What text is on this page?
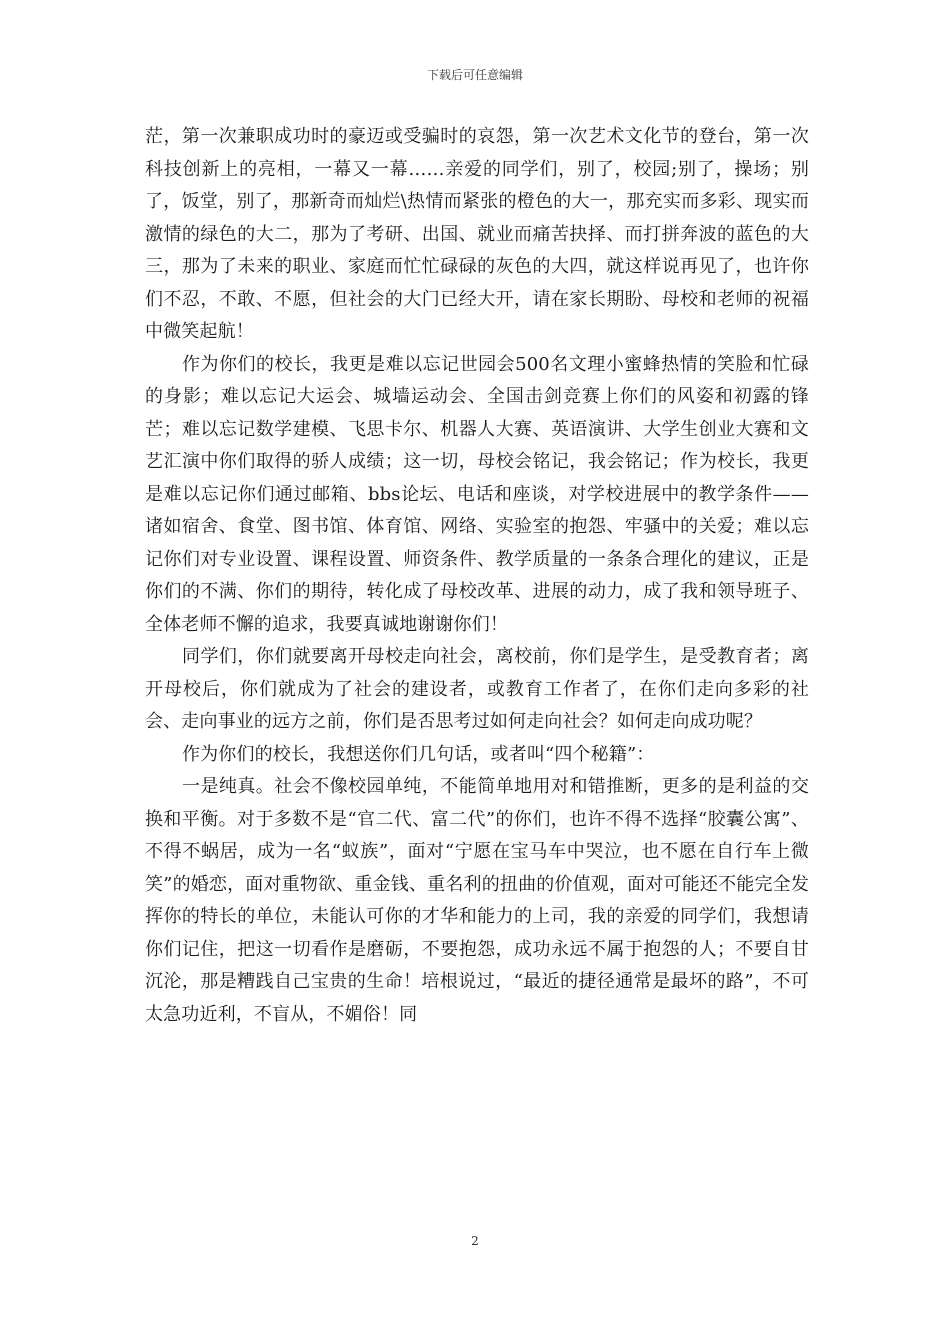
下载后可任意编辑

茫，第一次兼职成功时的豪迈或受骗时的哀怨，第一次艺术文化节的登台，第一次科技创新上的亮相，一幕又一幕……亲爱的同学们，别了，校园;别了，操场；别了，饭堂，别了，那新奇而灿烂\热情而紧张的橙色的大一，那充实而多彩、现实而激情的绿色的大二，那为了考研、出国、就业而痛苦抉择、而打拼奔波的蓝色的大三，那为了未来的职业、家庭而忙忙碌碌的灰色的大四，就这样说再见了，也许你们不忍，不敢、不愿，但社会的大门已经大开，请在家长期盼、母校和老师的祝福中微笑起航！

作为你们的校长，我更是难以忘记世园会500名文理小蜜蜂热情的笑脸和忙碌的身影；难以忘记大运会、城墙运动会、全国击剑竞赛上你们的风姿和初露的锋芒；难以忘记数学建模、飞思卡尔、机器人大赛、英语演讲、大学生创业大赛和文艺汇演中你们取得的骄人成绩；这一切，母校会铭记，我会铭记；作为校长，我更是难以忘记你们通过邮箱、bbs论坛、电话和座谈，对学校进展中的教学条件——诸如宿舍、食堂、图书馆、体育馆、网络、实验室的抱怨、牢骚中的关爱；难以忘记你们对专业设置、课程设置、师资条件、教学质量的一条条合理化的建议，正是你们的不满、你们的期待，转化成了母校改革、进展的动力，成了我和领导班子、全体老师不懈的追求，我要真诚地谢谢你们！

同学们，你们就要离开母校走向社会，离校前，你们是学生，是受教育者；离开母校后，你们就成为了社会的建设者，或教育工作者了，在你们走向多彩的社会、走向事业的远方之前，你们是否思考过如何走向社会？如何走向成功呢？

作为你们的校长，我想送你们几句话，或者叫“四个秘籍”：

一是纯真。社会不像校园单纯，不能简单地用对和错推断，更多的是利益的交换和平衡。对于多数不是“官二代、富二代”的你们，也许不得不选择“胶囊公寓”、不得不蜗居，成为一名“蚁族”，面对“宁愿在宝马车中哭泣，也不愿在自行车上微笑”的婚恋，面对重物欲、重金钱、重名利的扭曲的价值观，面对可能还不能完全发挥你的特长的单位，未能认可你的才华和能力的上司，我的亲爱的同学们，我想请你们记住，把这一切看作是磨砺，不要抱怨，成功永远不属于抱怨的人；不要自甘沉沦，那是糟践自己宝贵的生命！培根说过，“最近的捷径通常是最坏的路”，不可太急功近利，不盲从，不媚俗！同

2
